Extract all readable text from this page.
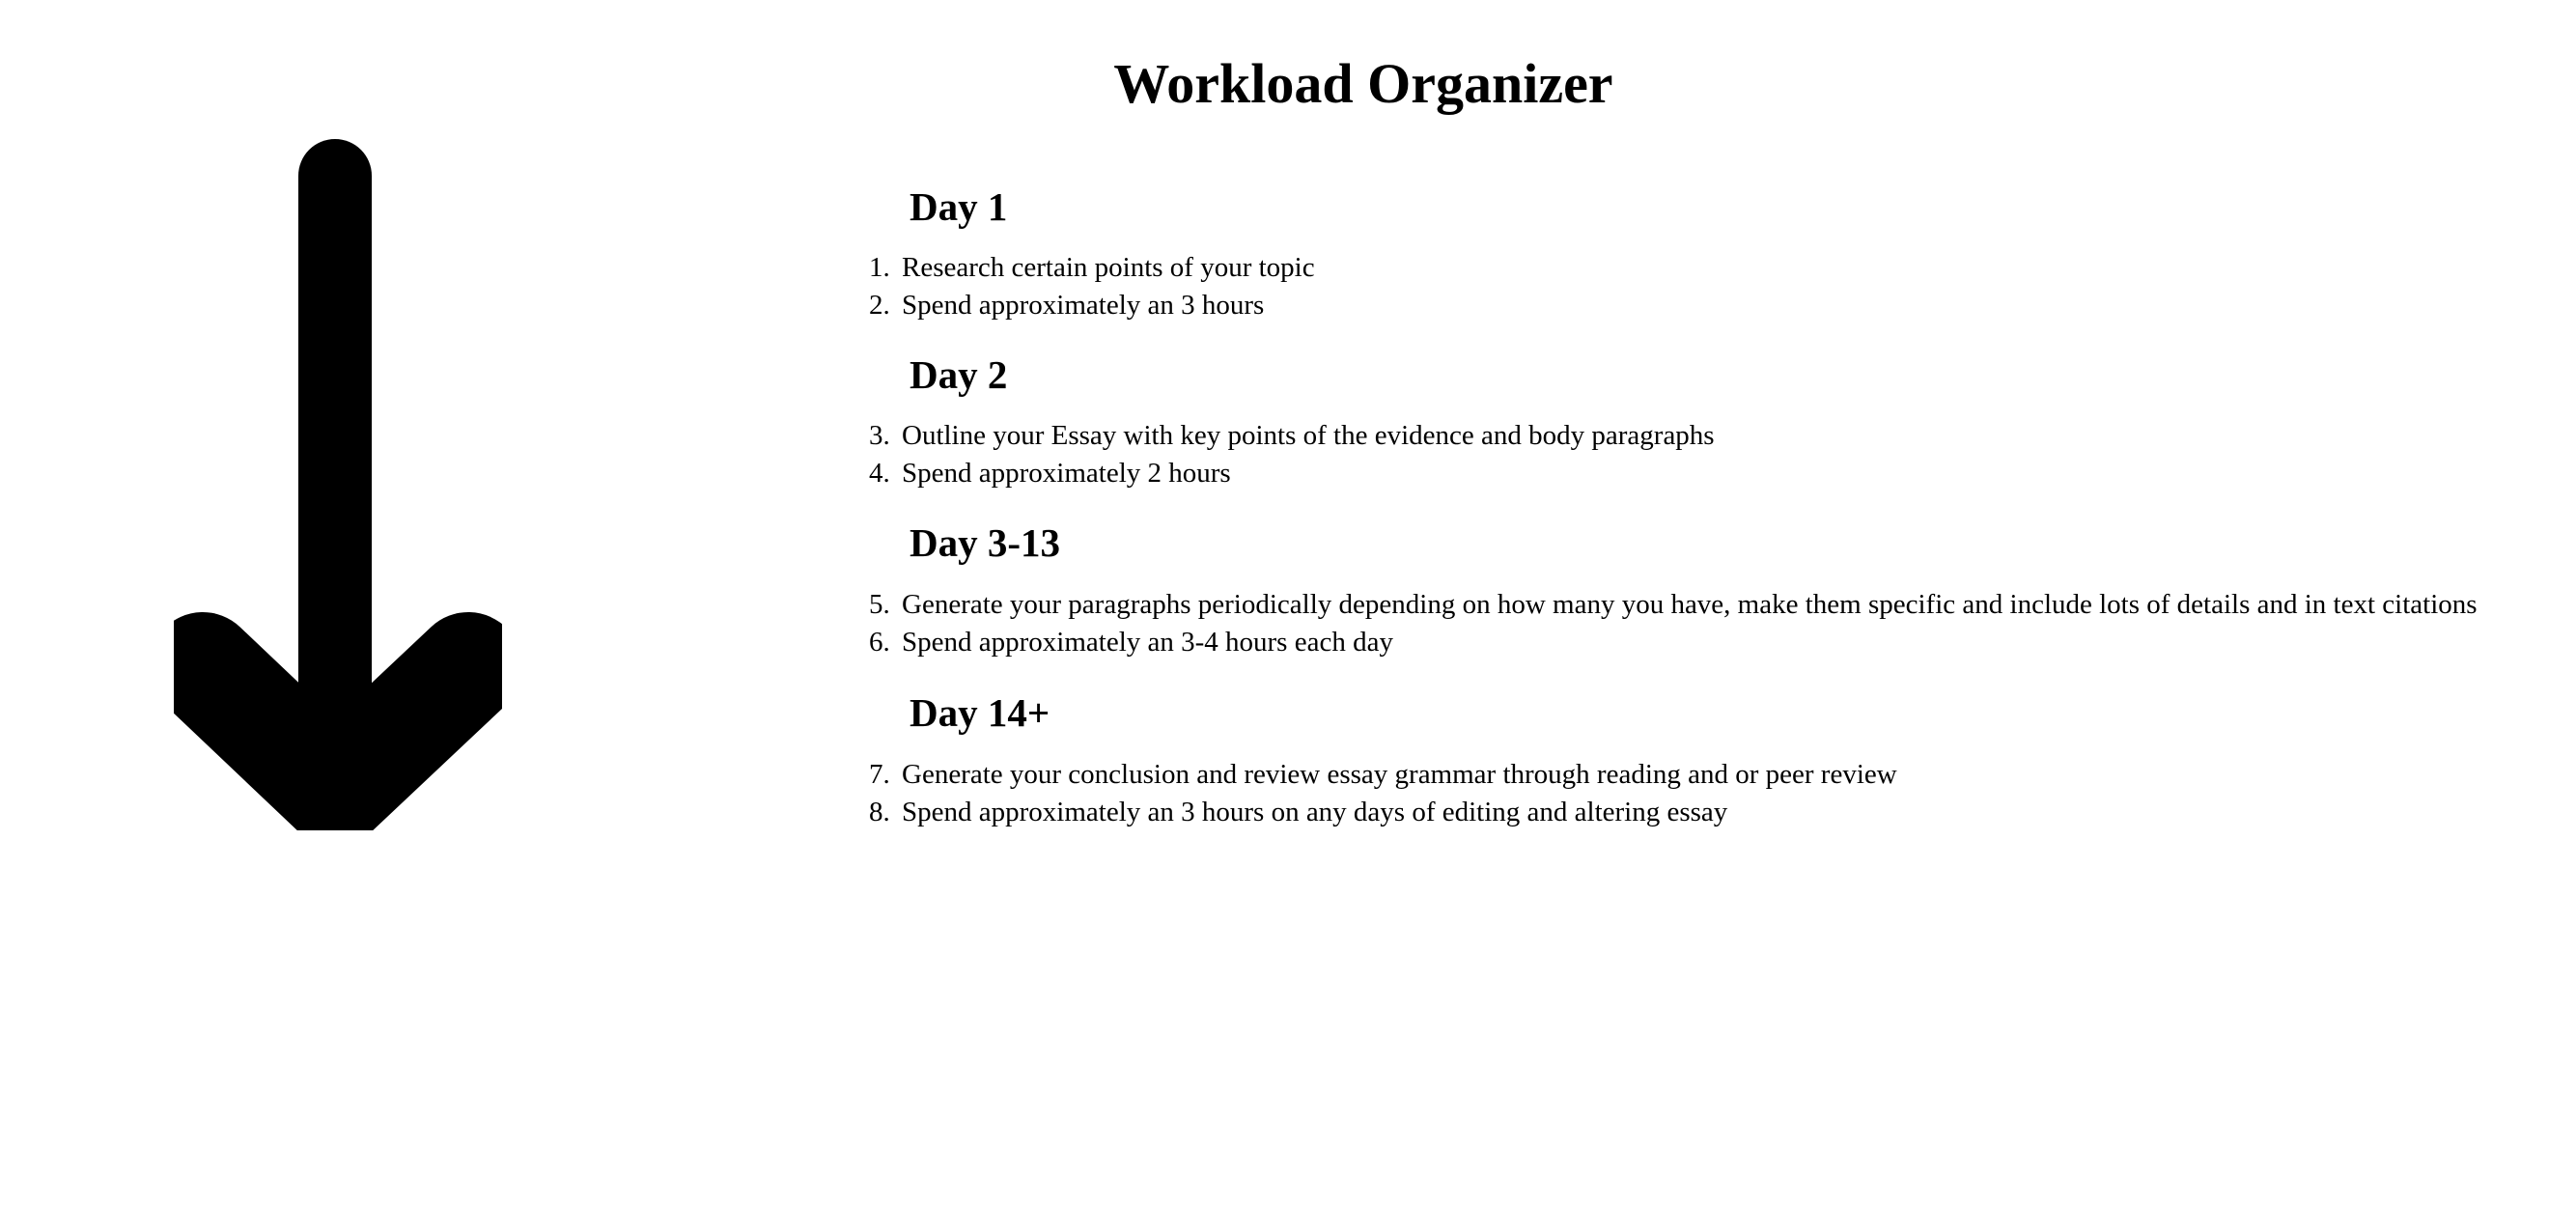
Workload Organizer
Day 1
1. Research certain points of your topic
2. Spend approximately an 3 hours
Day 2
3. Outline your Essay with key points of the evidence and body paragraphs
4. Spend approximately 2 hours
Day 3-13
5. Generate your paragraphs periodically depending on how many you have, make them specific and include lots of details and in text citations
6. Spend approximately an 3-4 hours each day
Day 14+
7. Generate your conclusion and review essay grammar through reading and or peer review
8. Spend approximately an 3 hours on any days of editing and altering essay
